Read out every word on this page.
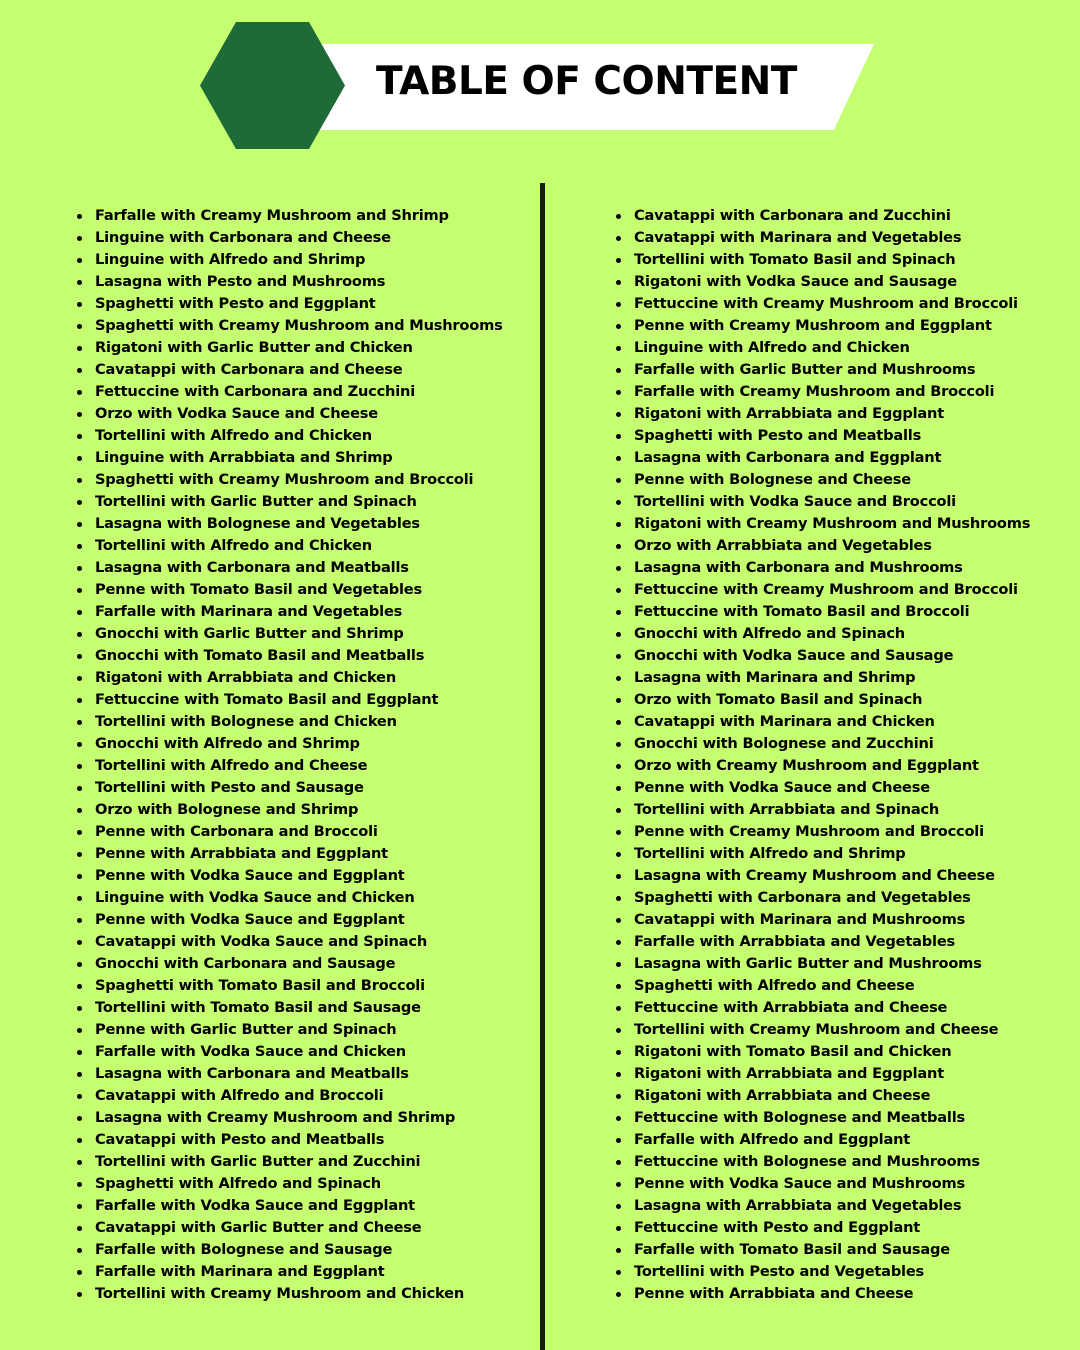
TABLE OF CONTENT
Farfalle with Creamy Mushroom and Shrimp
Linguine with Carbonara and Cheese
Linguine with Alfredo and Shrimp
Lasagna with Pesto and Mushrooms
Spaghetti with Pesto and Eggplant
Spaghetti with Creamy Mushroom and Mushrooms
Rigatoni with Garlic Butter and Chicken
Cavatappi with Carbonara and Cheese
Fettuccine with Carbonara and Zucchini
Orzo with Vodka Sauce and Cheese
Tortellini with Alfredo and Chicken
Linguine with Arrabbiata and Shrimp
Spaghetti with Creamy Mushroom and Broccoli
Tortellini with Garlic Butter and Spinach
Lasagna with Bolognese and Vegetables
Tortellini with Alfredo and Chicken
Lasagna with Carbonara and Meatballs
Penne with Tomato Basil and Vegetables
Farfalle with Marinara and Vegetables
Gnocchi with Garlic Butter and Shrimp
Gnocchi with Tomato Basil and Meatballs
Rigatoni with Arrabbiata and Chicken
Fettuccine with Tomato Basil and Eggplant
Tortellini with Bolognese and Chicken
Gnocchi with Alfredo and Shrimp
Tortellini with Alfredo and Cheese
Tortellini with Pesto and Sausage
Orzo with Bolognese and Shrimp
Penne with Carbonara and Broccoli
Penne with Arrabbiata and Eggplant
Penne with Vodka Sauce and Eggplant
Linguine with Vodka Sauce and Chicken
Penne with Vodka Sauce and Eggplant
Cavatappi with Vodka Sauce and Spinach
Gnocchi with Carbonara and Sausage
Spaghetti with Tomato Basil and Broccoli
Tortellini with Tomato Basil and Sausage
Penne with Garlic Butter and Spinach
Farfalle with Vodka Sauce and Chicken
Lasagna with Carbonara and Meatballs
Cavatappi with Alfredo and Broccoli
Lasagna with Creamy Mushroom and Shrimp
Cavatappi with Pesto and Meatballs
Tortellini with Garlic Butter and Zucchini
Spaghetti with Alfredo and Spinach
Farfalle with Vodka Sauce and Eggplant
Cavatappi with Garlic Butter and Cheese
Farfalle with Bolognese and Sausage
Farfalle with Marinara and Eggplant
Tortellini with Creamy Mushroom and Chicken
Cavatappi with Carbonara and Zucchini
Cavatappi with Marinara and Vegetables
Tortellini with Tomato Basil and Spinach
Rigatoni with Vodka Sauce and Sausage
Fettuccine with Creamy Mushroom and Broccoli
Penne with Creamy Mushroom and Eggplant
Linguine with Alfredo and Chicken
Farfalle with Garlic Butter and Mushrooms
Farfalle with Creamy Mushroom and Broccoli
Rigatoni with Arrabbiata and Eggplant
Spaghetti with Pesto and Meatballs
Lasagna with Carbonara and Eggplant
Penne with Bolognese and Cheese
Tortellini with Vodka Sauce and Broccoli
Rigatoni with Creamy Mushroom and Mushrooms
Orzo with Arrabbiata and Vegetables
Lasagna with Carbonara and Mushrooms
Fettuccine with Creamy Mushroom and Broccoli
Fettuccine with Tomato Basil and Broccoli
Gnocchi with Alfredo and Spinach
Gnocchi with Vodka Sauce and Sausage
Lasagna with Marinara and Shrimp
Orzo with Tomato Basil and Spinach
Cavatappi with Marinara and Chicken
Gnocchi with Bolognese and Zucchini
Orzo with Creamy Mushroom and Eggplant
Penne with Vodka Sauce and Cheese
Tortellini with Arrabbiata and Spinach
Penne with Creamy Mushroom and Broccoli
Tortellini with Alfredo and Shrimp
Lasagna with Creamy Mushroom and Cheese
Spaghetti with Carbonara and Vegetables
Cavatappi with Marinara and Mushrooms
Farfalle with Arrabbiata and Vegetables
Lasagna with Garlic Butter and Mushrooms
Spaghetti with Alfredo and Cheese
Fettuccine with Arrabbiata and Cheese
Tortellini with Creamy Mushroom and Cheese
Rigatoni with Tomato Basil and Chicken
Rigatoni with Arrabbiata and Eggplant
Rigatoni with Arrabbiata and Cheese
Fettuccine with Bolognese and Meatballs
Farfalle with Alfredo and Eggplant
Fettuccine with Bolognese and Mushrooms
Penne with Vodka Sauce and Mushrooms
Lasagna with Arrabbiata and Vegetables
Fettuccine with Pesto and Eggplant
Farfalle with Tomato Basil and Sausage
Tortellini with Pesto and Vegetables
Penne with Arrabbiata and Cheese
